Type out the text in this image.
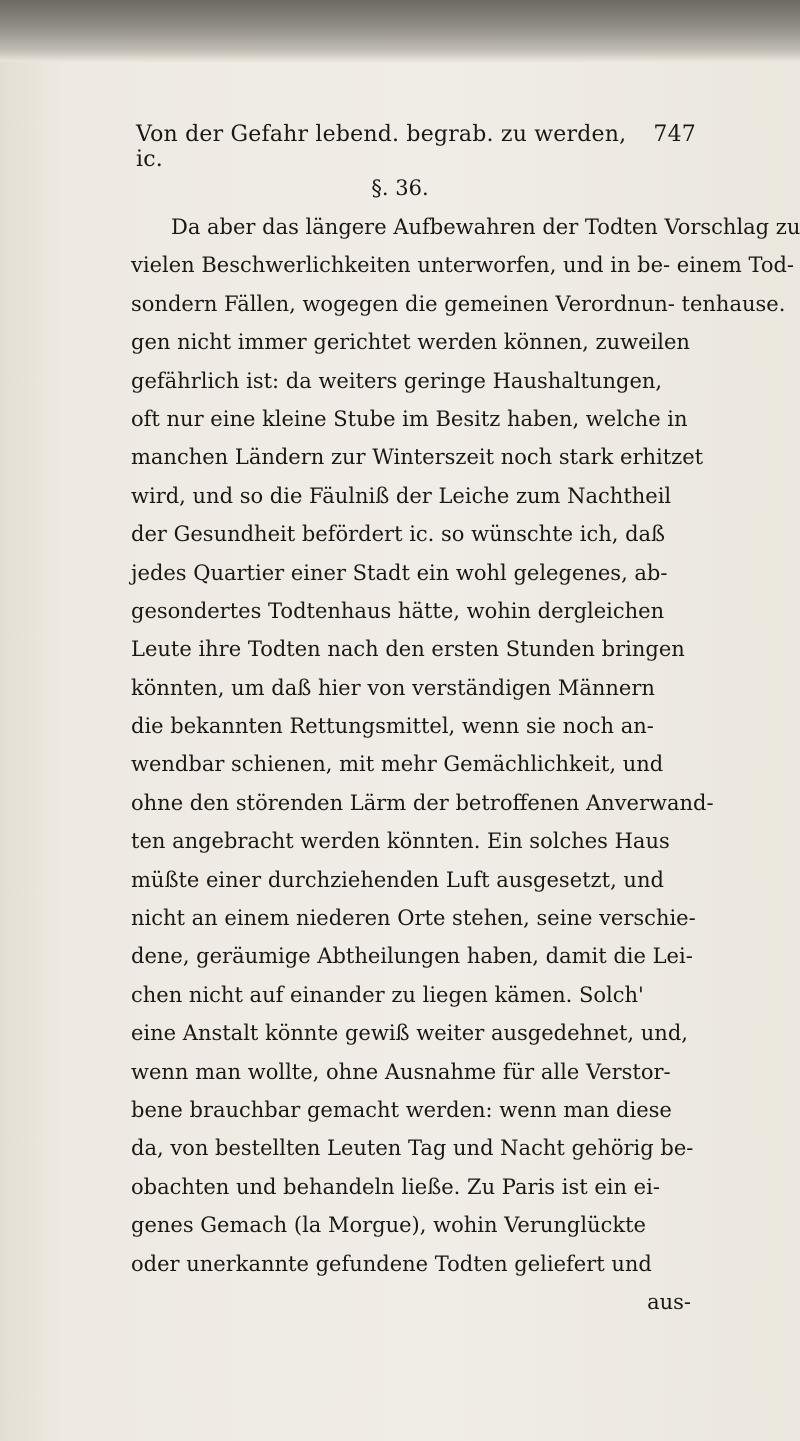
Von der Gefahr lebend. begrab. zu werden, ic.
747
§. 36.
Da aber das längere Aufbewahren der Todten Vorschlag zu
vielen Beschwerlichkeiten unterworfen, und in be- einem Tod-
sondern Fällen, wogegen die gemeinen Verordnun- tenhause.
gen nicht immer gerichtet werden können, zuweilen
gefährlich ist: da weiters geringe Haushaltungen,
oft nur eine kleine Stube im Besitz haben, welche in
manchen Ländern zur Winterszeit noch stark erhitzet
wird, und so die Fäulniß der Leiche zum Nachtheil
der Gesundheit befördert ic. so wünschte ich, daß
jedes Quartier einer Stadt ein wohl gelegenes, ab-
gesondertes Todtenhaus hätte, wohin dergleichen
Leute ihre Todten nach den ersten Stunden bringen
könnten, um daß hier von verständigen Männern
die bekannten Rettungsmittel, wenn sie noch an-
wendbar schienen, mit mehr Gemächlichkeit, und
ohne den störenden Lärm der betroffenen Anverwand-
ten angebracht werden könnten. Ein solches Haus
müßte einer durchziehenden Luft ausgesetzt, und
nicht an einem niederen Orte stehen, seine verschie-
dene, geräumige Abtheilungen haben, damit die Lei-
chen nicht auf einander zu liegen kämen. Solch'
eine Anstalt könnte gewiß weiter ausgedehnet, und,
wenn man wollte, ohne Ausnahme für alle Verstor-
bene brauchbar gemacht werden: wenn man diese
da, von bestellten Leuten Tag und Nacht gehörig be-
obachten und behandeln ließe. Zu Paris ist ein ei-
genes Gemach (la Morgue), wohin Verunglückte
oder unerkannte gefundene Todten geliefert und
aus-
